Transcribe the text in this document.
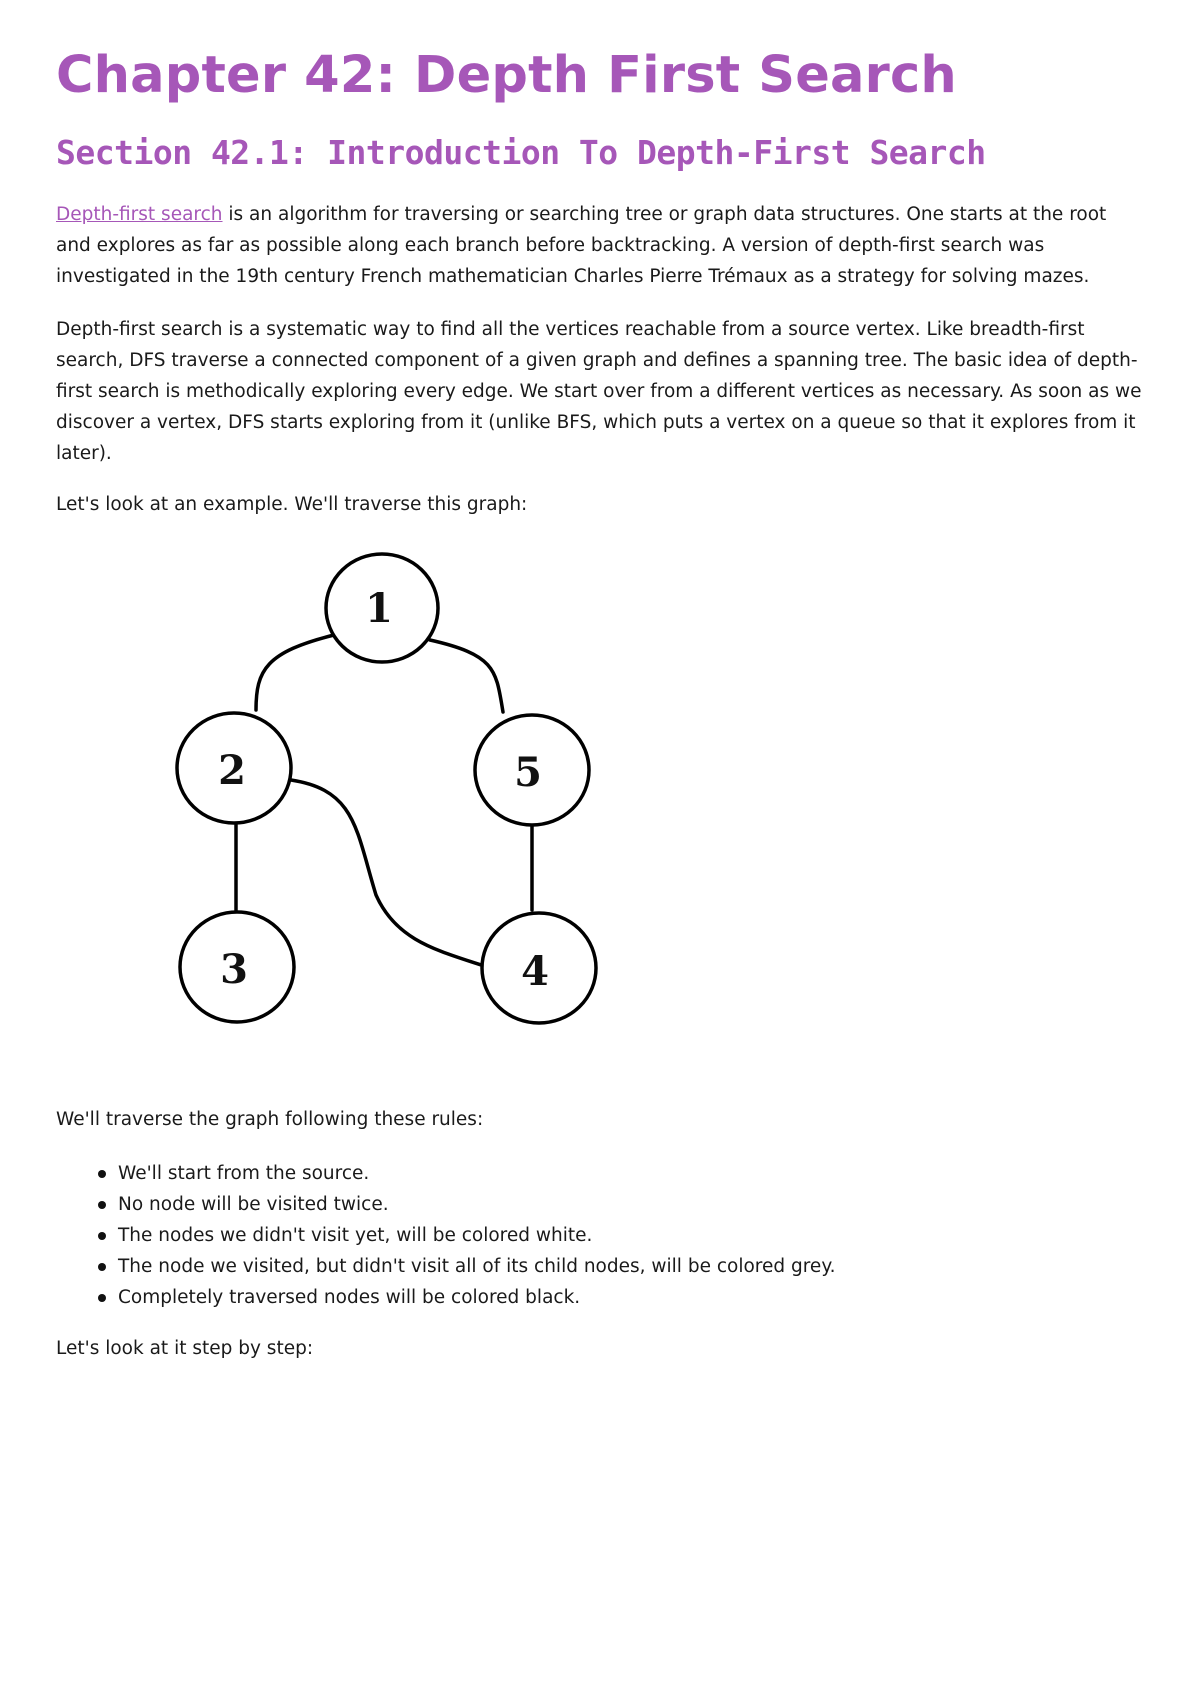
Chapter 42: Depth First Search
Section 42.1: Introduction To Depth-First Search

Depth-first search is an algorithm for traversing or searching tree or graph data structures. One starts at the root and explores as far as possible along each branch before backtracking. A version of depth-first search was investigated in the 19th century French mathematician Charles Pierre Trémaux as a strategy for solving mazes.

Depth-first search is a systematic way to find all the vertices reachable from a source vertex. Like breadth-first search, DFS traverse a connected component of a given graph and defines a spanning tree. The basic idea of depth-first search is methodically exploring every edge. We start over from a different vertices as necessary. As soon as we discover a vertex, DFS starts exploring from it (unlike BFS, which puts a vertex on a queue so that it explores from it later).

Let's look at an example. We'll traverse this graph:

1
2
3	4
5

We'll traverse the graph following these rules:

We'll start from the source.
No node will be visited twice.
The nodes we didn't visit yet, will be colored white.
The node we visited, but didn't visit all of its child nodes, will be colored grey.
Completely traversed nodes will be colored black.

Let's look at it step by step:
